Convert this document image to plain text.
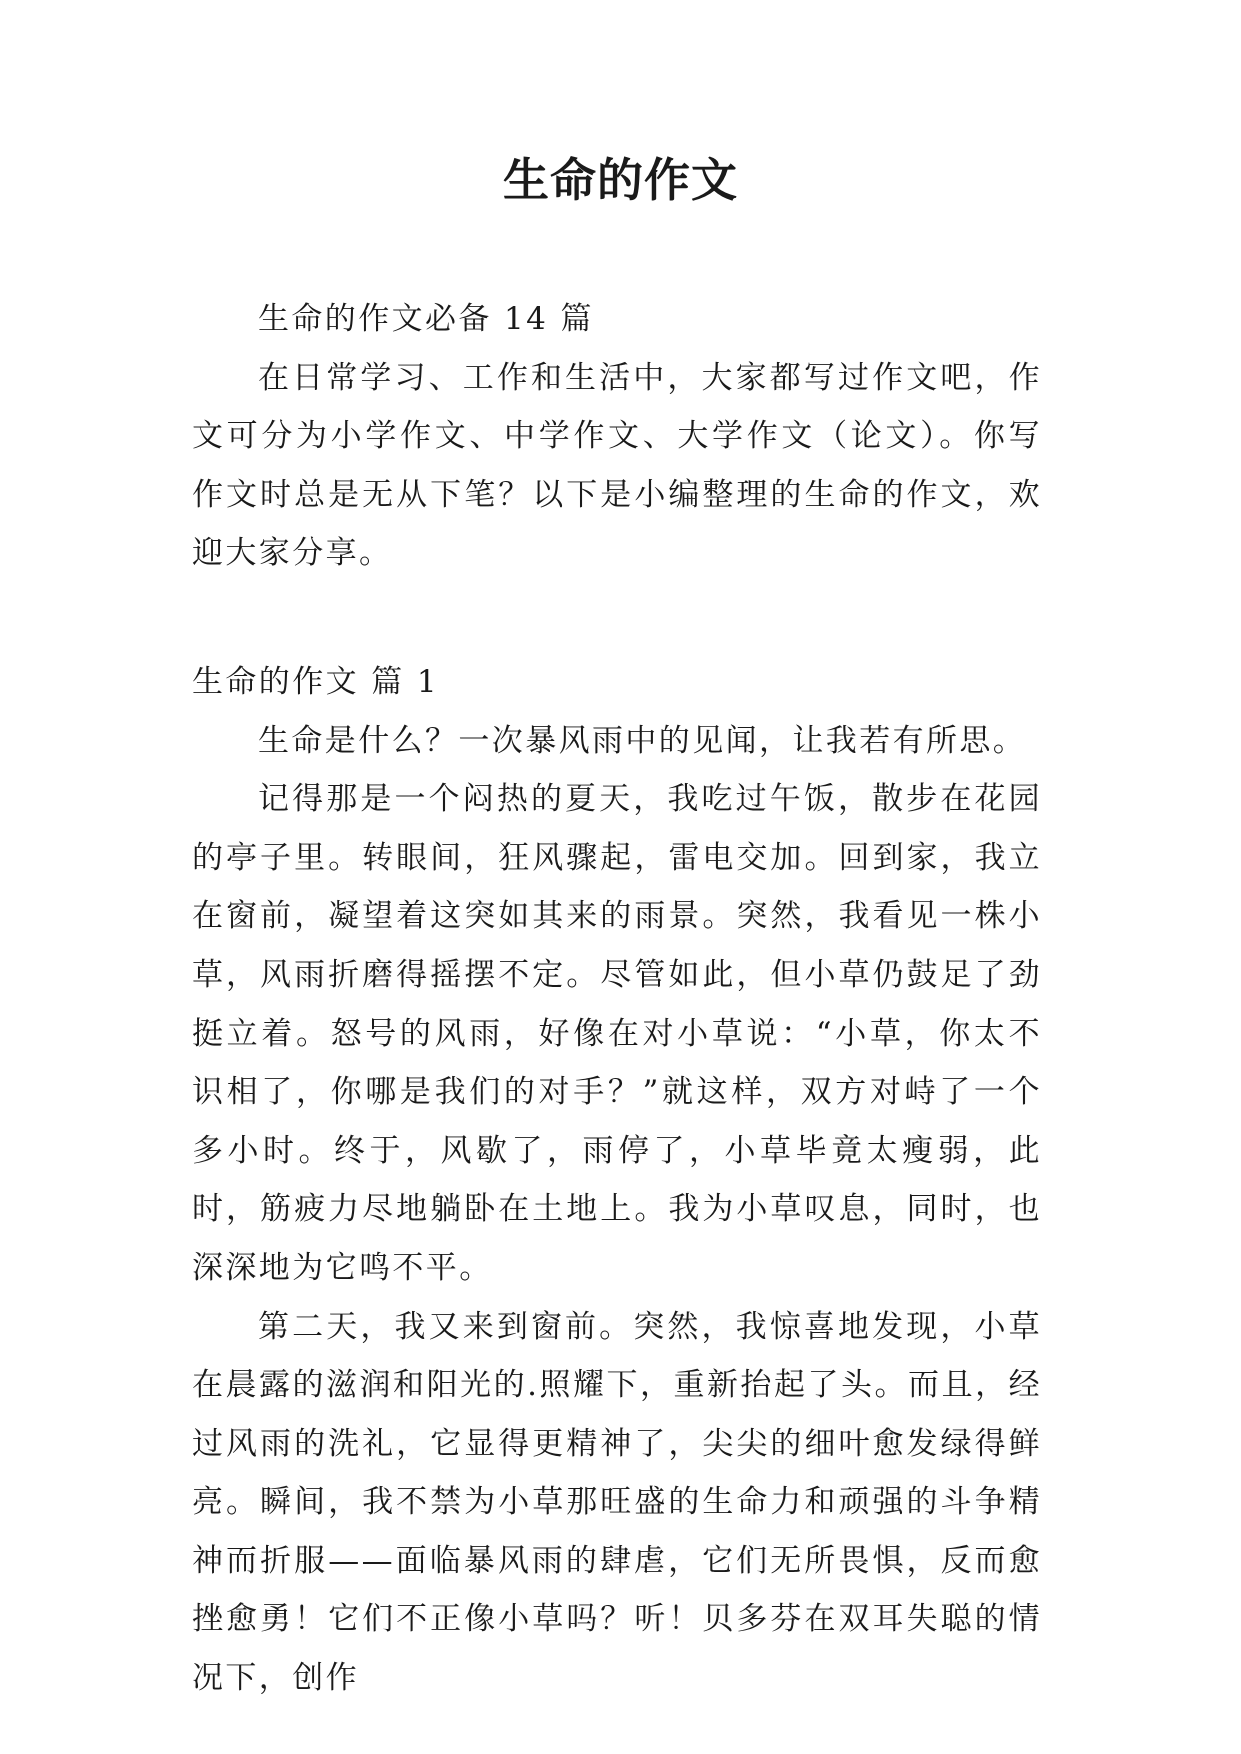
生命的作文

生命的作文必备 14 篇

在日常学习、工作和生活中，大家都写过作文吧，作文可分为小学作文、中学作文、大学作文（论文）。你写作文时总是无从下笔？以下是小编整理的生命的作文，欢迎大家分享。

生命的作文 篇 1

生命是什么？一次暴风雨中的见闻，让我若有所思。

记得那是一个闷热的夏天，我吃过午饭，散步在花园的亭子里。转眼间，狂风骤起，雷电交加。回到家，我立在窗前，凝望着这突如其来的雨景。突然，我看见一株小草，风雨折磨得摇摆不定。尽管如此，但小草仍鼓足了劲挺立着。怒号的风雨，好像在对小草说：“小草，你太不识相了，你哪是我们的对手？”就这样，双方对峙了一个多小时。终于，风歇了，雨停了，小草毕竟太瘦弱，此时，筋疲力尽地躺卧在土地上。我为小草叹息，同时，也深深地为它鸣不平。

第二天，我又来到窗前。突然，我惊喜地发现，小草在晨露的滋润和阳光的.照耀下，重新抬起了头。而且，经过风雨的洗礼，它显得更精神了，尖尖的细叶愈发绿得鲜亮。瞬间，我不禁为小草那旺盛的生命力和顽强的斗争精神而折服——面临暴风雨的肆虐，它们无所畏惧，反而愈挫愈勇！它们不正像小草吗？听！贝多芬在双耳失聪的情况下，创作
